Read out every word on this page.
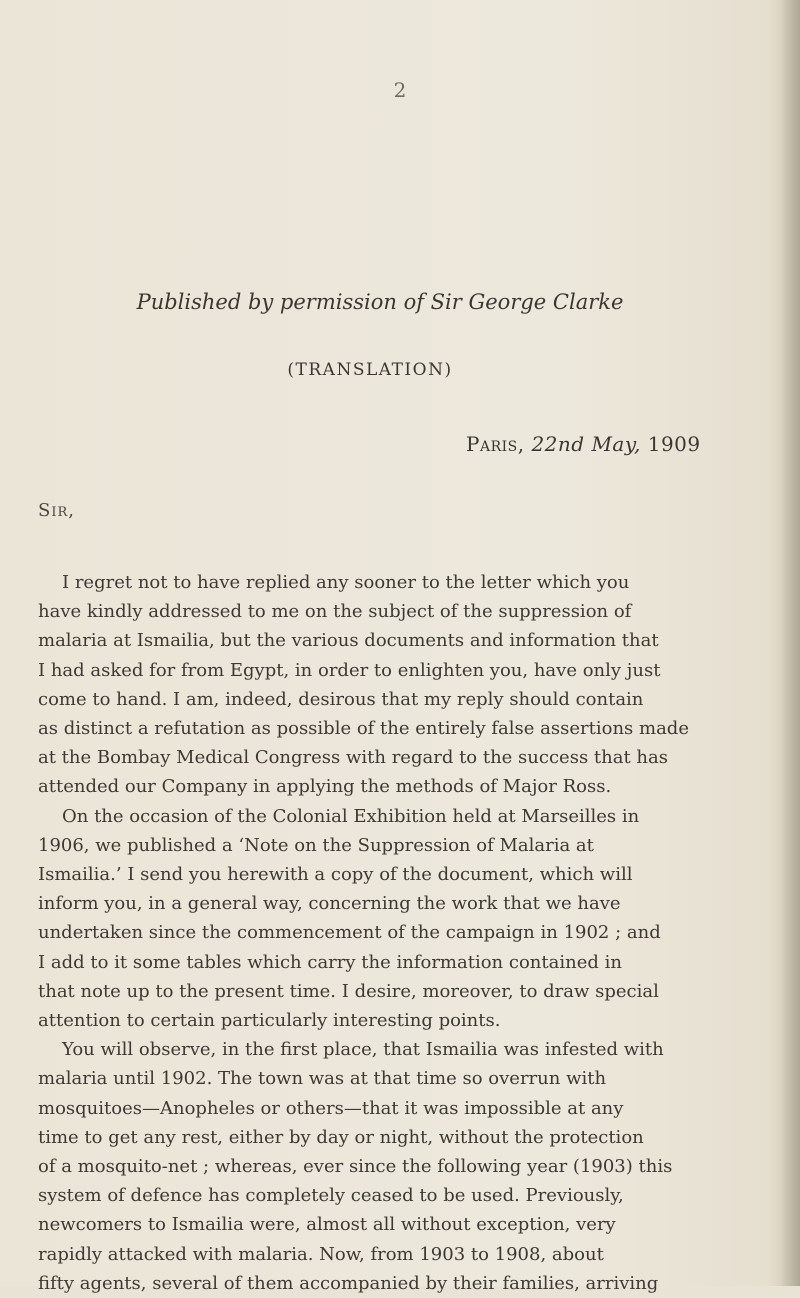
2
Published by permission of Sir George Clarke
(TRANSLATION)
Paris, 22nd May, 1909
Sir,
I regret not to have replied any sooner to the letter which you
have kindly addressed to me on the subject of the suppression of
malaria at Ismailia, but the various documents and information that
I had asked for from Egypt, in order to enlighten you, have only just
come to hand. I am, indeed, desirous that my reply should contain
as distinct a refutation as possible of the entirely false assertions made
at the Bombay Medical Congress with regard to the success that has
attended our Company in applying the methods of Major Ross.
On the occasion of the Colonial Exhibition held at Marseilles in
1906, we published a ‘Note on the Suppression of Malaria at
Ismailia.’ I send you herewith a copy of the document, which will
inform you, in a general way, concerning the work that we have
undertaken since the commencement of the campaign in 1902 ; and
I add to it some tables which carry the information contained in
that note up to the present time. I desire, moreover, to draw special
attention to certain particularly interesting points.
You will observe, in the first place, that Ismailia was infested with
malaria until 1902. The town was at that time so overrun with
mosquitoes—Anopheles or others—that it was impossible at any
time to get any rest, either by day or night, without the protection
of a mosquito-net ; whereas, ever since the following year (1903) this
system of defence has completely ceased to be used. Previously,
newcomers to Ismailia were, almost all without exception, very
rapidly attacked with malaria. Now, from 1903 to 1908, about
fifty agents, several of them accompanied by their families, arriving
